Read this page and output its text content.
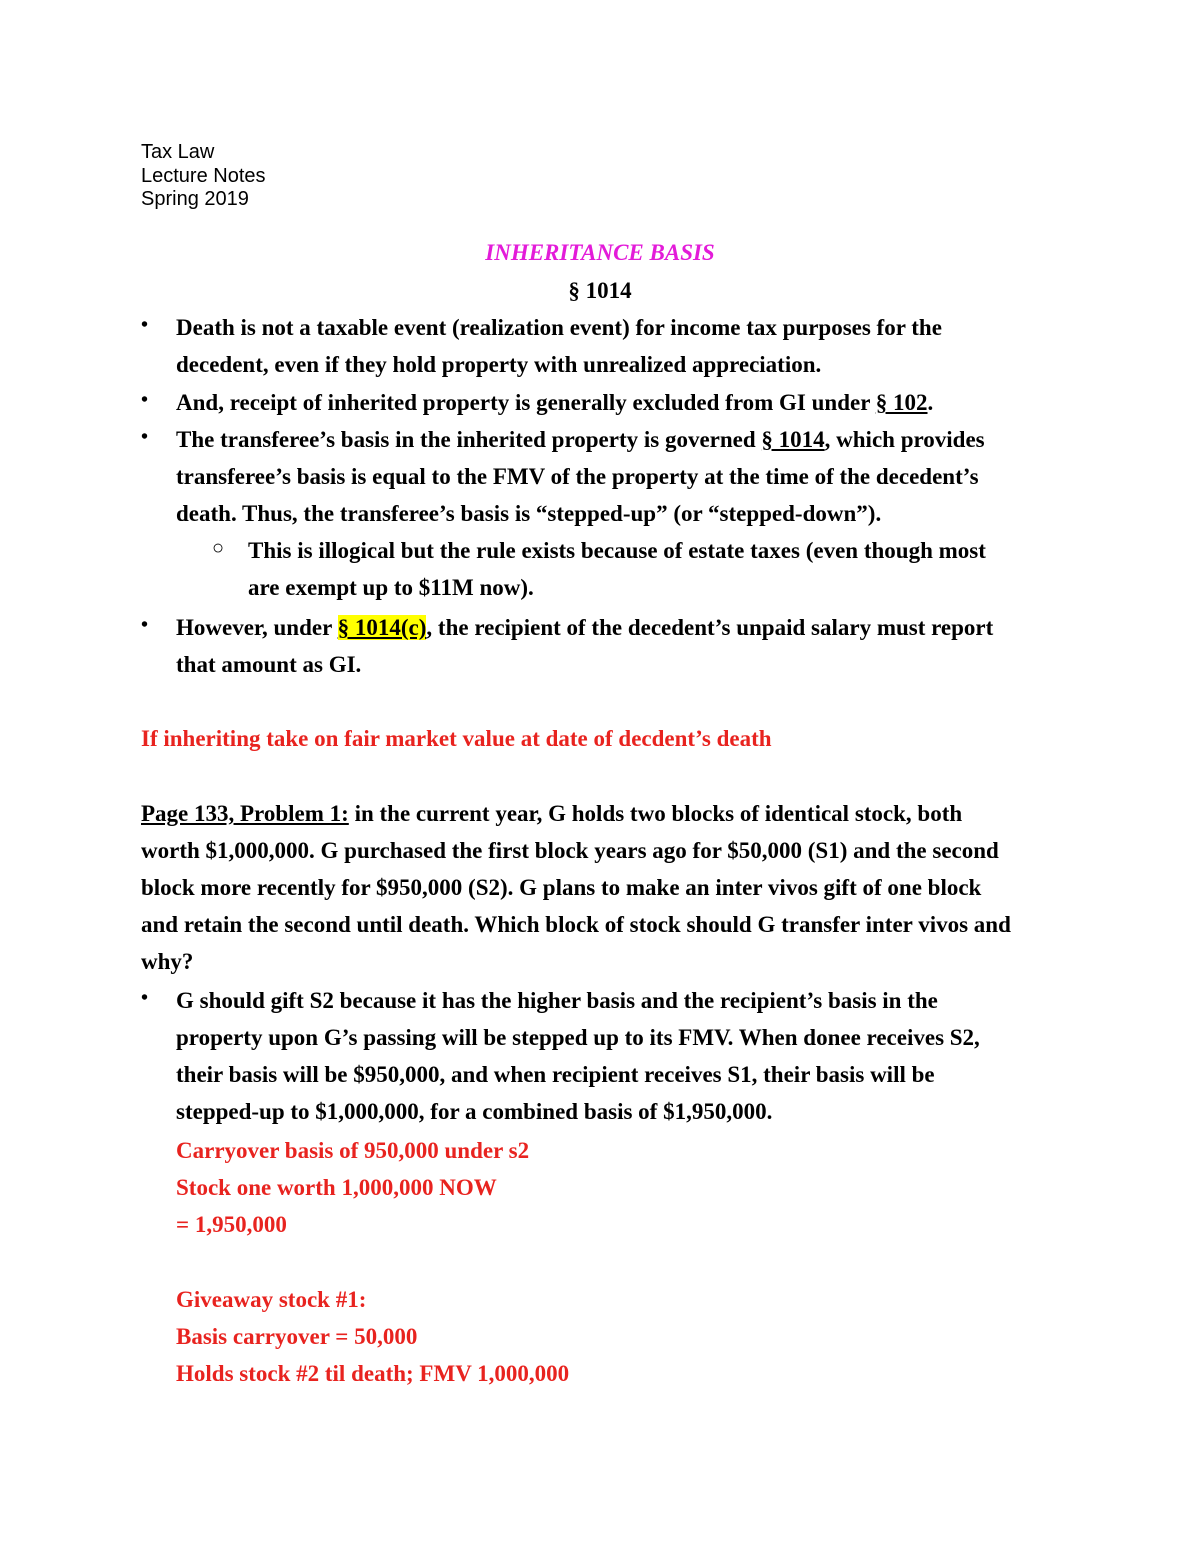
Tax Law
Lecture Notes
Spring 2019
INHERITANCE BASIS
§ 1014
• Death is not a taxable event (realization event) for income tax purposes for the
decedent, even if they hold property with unrealized appreciation.
• And, receipt of inherited property is generally excluded from GI under § 102.
• The transferee’s basis in the inherited property is governed § 1014, which provides
transferee’s basis is equal to the FMV of the property at the time of the decedent’s
death. Thus, the transferee’s basis is “stepped-up” (or “stepped-down”).
○ This is illogical but the rule exists because of estate taxes (even though most
are exempt up to $11M now).
• However, under § 1014(c), the recipient of the decedent’s unpaid salary must report
that amount as GI.
If inheriting take on fair market value at date of decdent’s death
Page 133, Problem 1: in the current year, G holds two blocks of identical stock, both
worth $1,000,000. G purchased the first block years ago for $50,000 (S1) and the second
block more recently for $950,000 (S2). G plans to make an inter vivos gift of one block
and retain the second until death. Which block of stock should G transfer inter vivos and
why?
• G should gift S2 because it has the higher basis and the recipient’s basis in the
property upon G’s passing will be stepped up to its FMV. When donee receives S2,
their basis will be $950,000, and when recipient receives S1, their basis will be
stepped-up to $1,000,000, for a combined basis of $1,950,000.
Carryover basis of 950,000 under s2
Stock one worth 1,000,000 NOW
= 1,950,000
Giveaway stock #1:
Basis carryover = 50,000
Holds stock #2 til death; FMV 1,000,000
